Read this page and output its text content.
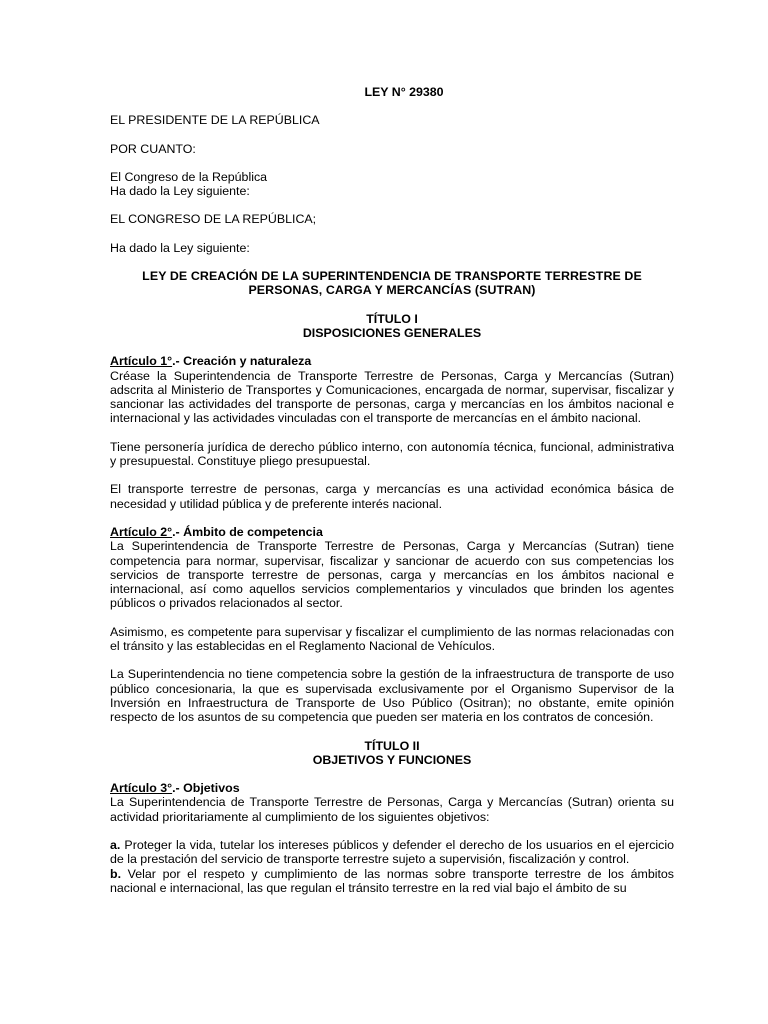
LEY N° 29380
EL PRESIDENTE DE LA REPÚBLICA
POR CUANTO:
El Congreso de la República
Ha dado la Ley siguiente:
EL CONGRESO DE LA REPÚBLICA;
Ha dado la Ley siguiente:
LEY DE CREACIÓN DE LA SUPERINTENDENCIA DE TRANSPORTE TERRESTRE DE PERSONAS, CARGA Y MERCANCÍAS (SUTRAN)
TÍTULO I
DISPOSICIONES GENERALES
Artículo 1°.- Creación y naturaleza
Créase la Superintendencia de Transporte Terrestre de Personas, Carga y Mercancías (Sutran) adscrita al Ministerio de Transportes y Comunicaciones, encargada de normar, supervisar, fiscalizar y sancionar las actividades del transporte de personas, carga y mercancías en los ámbitos nacional e internacional y las actividades vinculadas con el transporte de mercancías en el ámbito nacional.
Tiene personería jurídica de derecho público interno, con autonomía técnica, funcional, administrativa y presupuestal. Constituye pliego presupuestal.
El transporte terrestre de personas, carga y mercancías es una actividad económica básica de necesidad y utilidad pública y de preferente interés nacional.
Artículo 2°.- Ámbito de competencia
La Superintendencia de Transporte Terrestre de Personas, Carga y Mercancías (Sutran) tiene competencia para normar, supervisar, fiscalizar y sancionar de acuerdo con sus competencias los servicios de transporte terrestre de personas, carga y mercancías en los ámbitos nacional e internacional, así como aquellos servicios complementarios y vinculados que brinden los agentes públicos o privados relacionados al sector.
Asimismo, es competente para supervisar y fiscalizar el cumplimiento de las normas relacionadas con el tránsito y las establecidas en el Reglamento Nacional de Vehículos.
La Superintendencia no tiene competencia sobre la gestión de la infraestructura de transporte de uso público concesionaria, la que es supervisada exclusivamente por el Organismo Supervisor de la Inversión en Infraestructura de Transporte de Uso Público (Ositran); no obstante, emite opinión respecto de los asuntos de su competencia que pueden ser materia en los contratos de concesión.
TÍTULO II
OBJETIVOS Y FUNCIONES
Artículo 3°.- Objetivos
La Superintendencia de Transporte Terrestre de Personas, Carga y Mercancías (Sutran) orienta su actividad prioritariamente al cumplimiento de los siguientes objetivos:
a. Proteger la vida, tutelar los intereses públicos y defender el derecho de los usuarios en el ejercicio de la prestación del servicio de transporte terrestre sujeto a supervisión, fiscalización y control.
b. Velar por el respeto y cumplimiento de las normas sobre transporte terrestre de los ámbitos nacional e internacional, las que regulan el tránsito terrestre en la red vial bajo el ámbito de su
